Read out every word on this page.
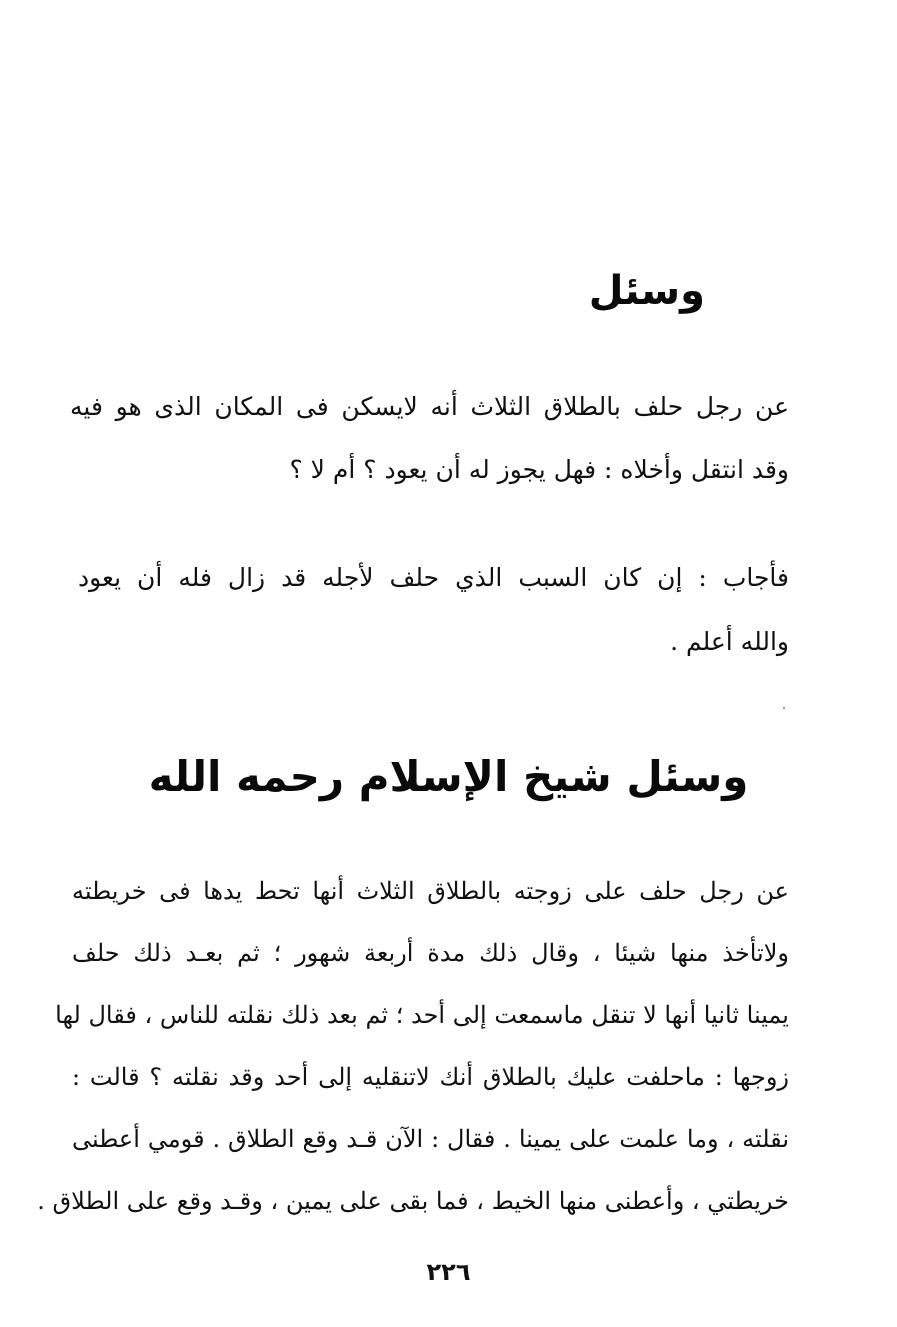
وسئل
عن رجل حلف بالطلاق الثلاث أنه لايسكن فى المكان الذى هو فيه
وقد انتقل وأخلاه : فهل يجوز له أن يعود ؟ أم لا ؟
فأجاب : إن كان السبب الذي حلف لأجله قد زال فله أن يعود
والله أعلم .
وسئل شيخ الإسلام رحمه الله
عن رجل حلف على زوجته بالطلاق الثلاث أنها تحط يدها فى خريطته
ولاتأخذ منها شيئا ، وقال ذلك مدة أربعة شهور ؛ ثم بعـد ذلك حلف
يمينا ثانيا أنها لا تنقل ماسمعت إلى أحد ؛ ثم بعد ذلك نقلته للناس ، فقال لها
زوجها : ماحلفت عليك بالطلاق أنك لاتنقليه إلى أحد وقد نقلته ؟ قالت :
نقلته ، وما علمت على يمينا . فقال : الآن قـد وقع الطلاق . قومي أعطنى
خريطتي ، وأعطنى منها الخيط ، فما بقى على يمين ، وقـد وقع على الطلاق .
٢٢٦
